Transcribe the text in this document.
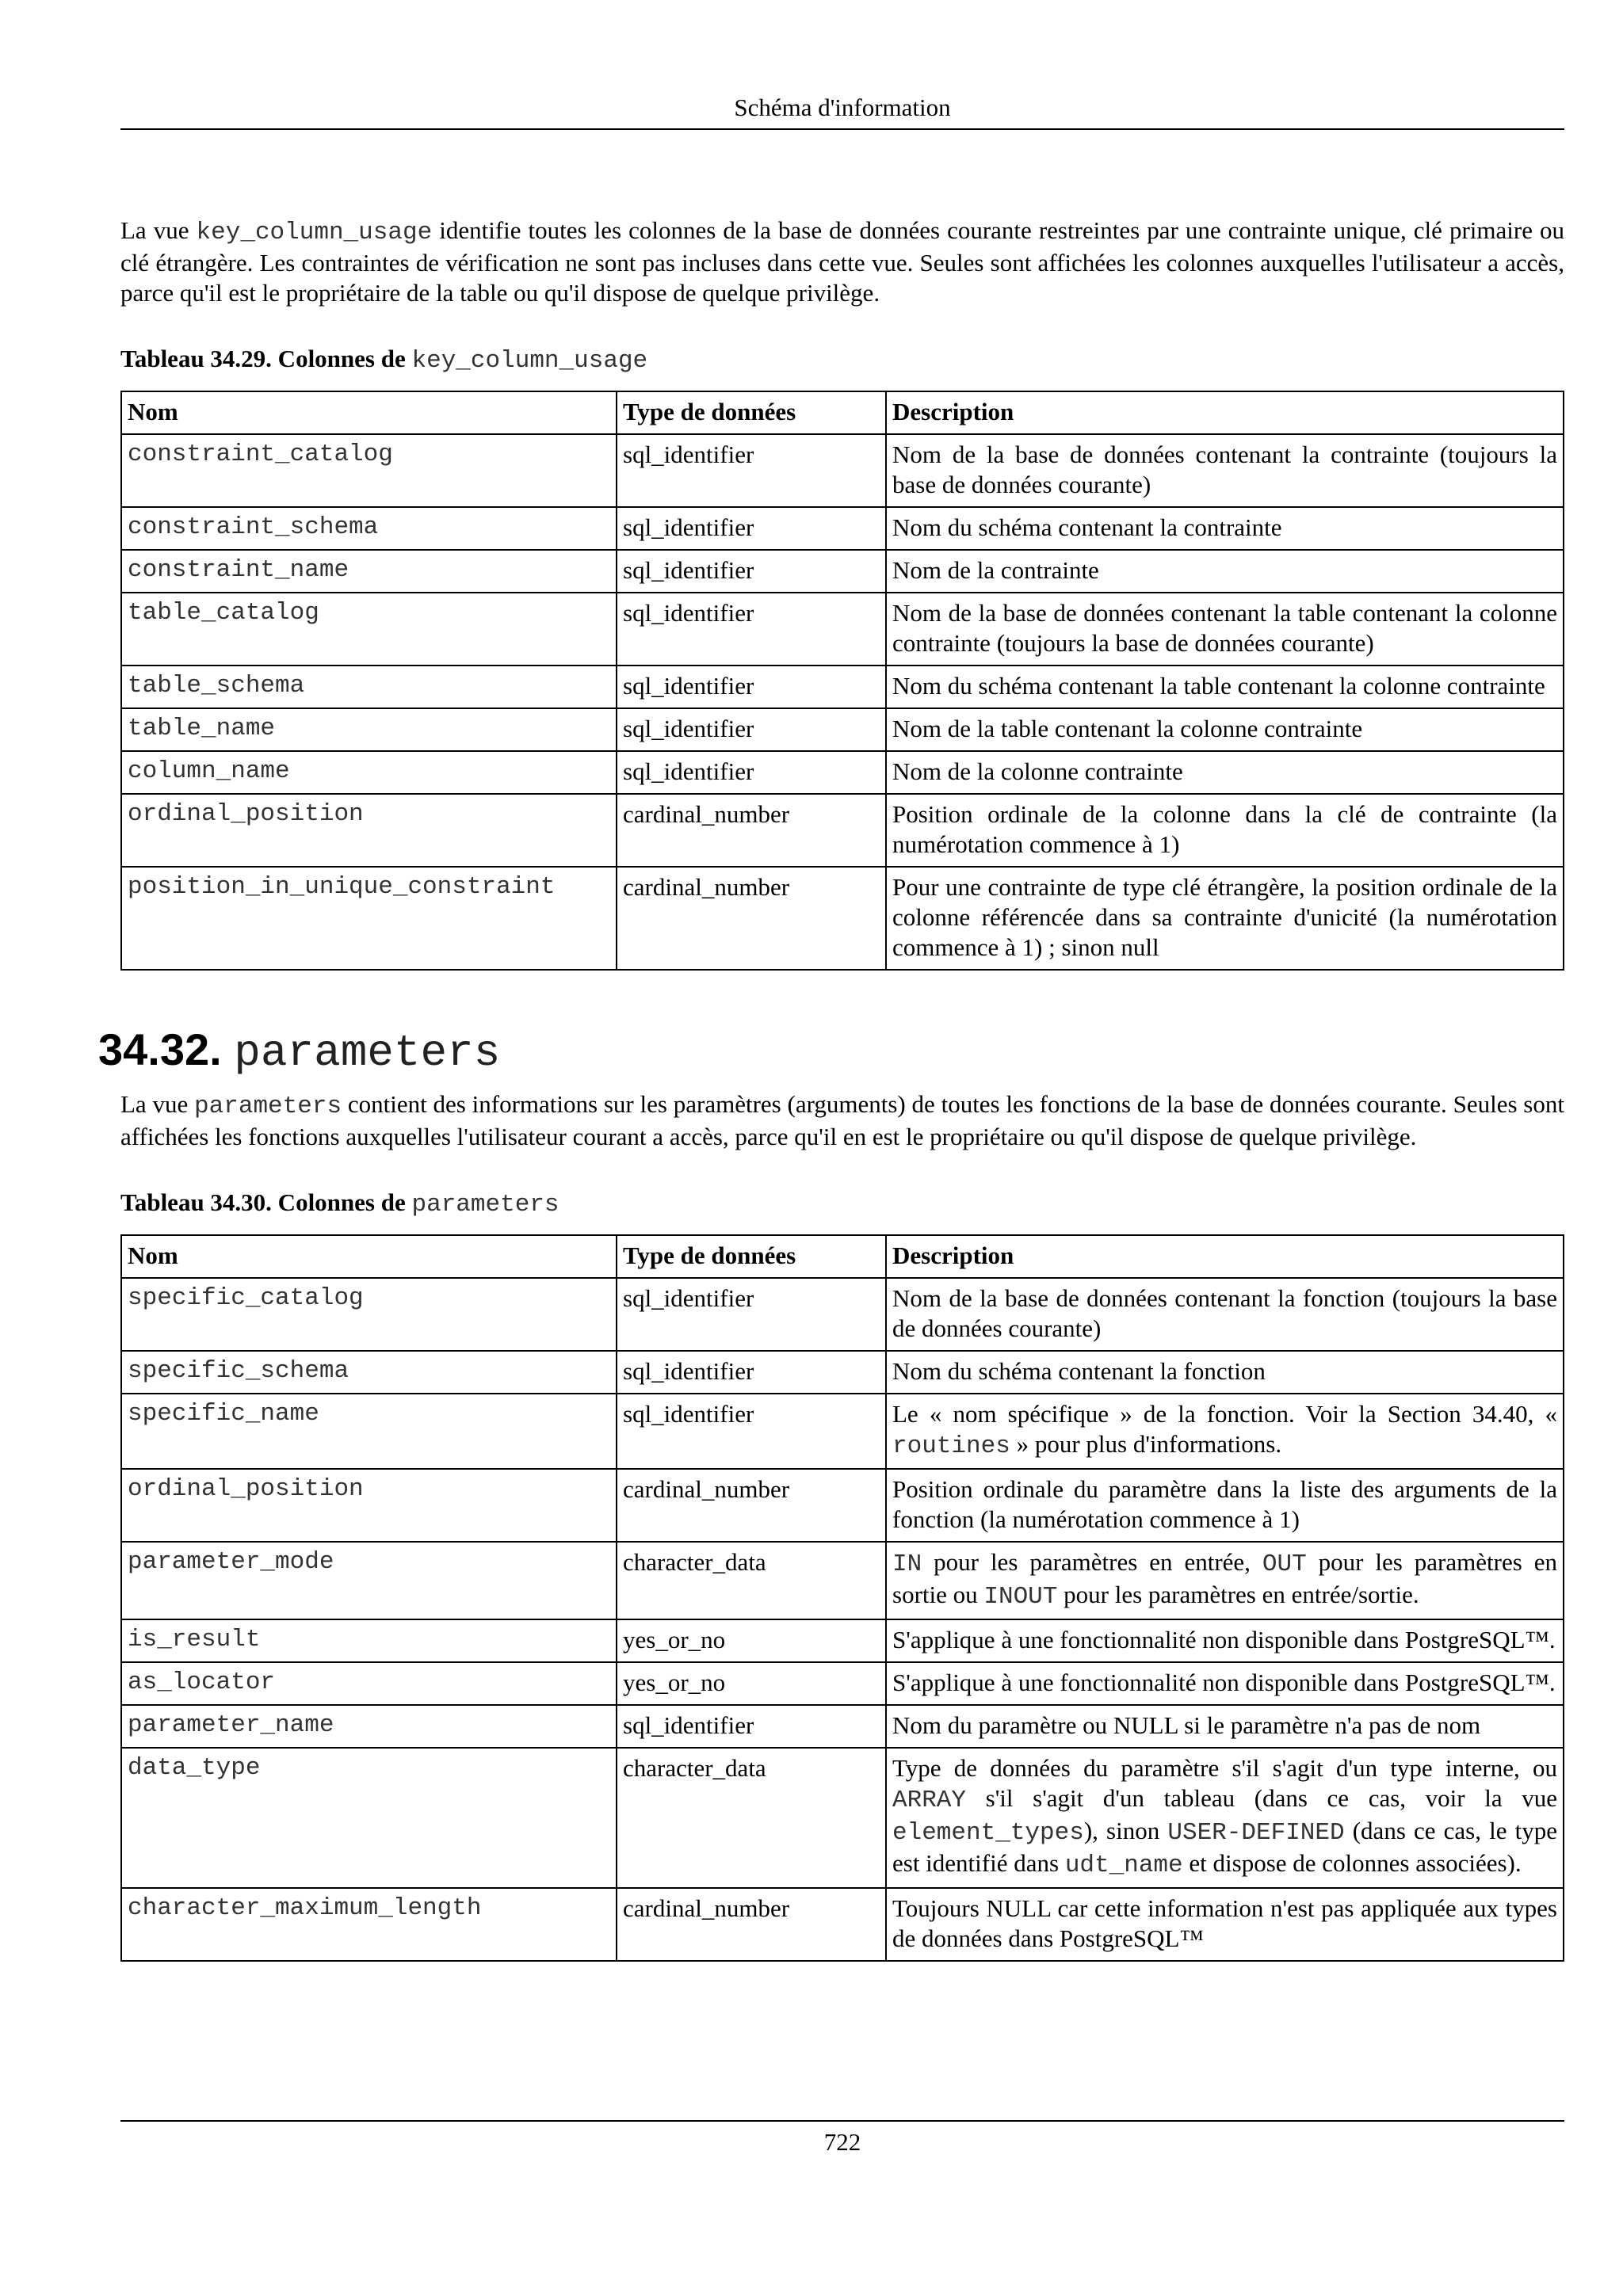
Schéma d'information

La vue key_column_usage identifie toutes les colonnes de la base de données courante restreintes par une contrainte unique, clé primaire ou clé étrangère. Les contraintes de vérification ne sont pas incluses dans cette vue. Seules sont affichées les colonnes auxquelles l'utilisateur a accès, parce qu'il est le propriétaire de la table ou qu'il dispose de quelque privilège.

Tableau 34.29. Colonnes de key_column_usage
Nom	Type de données	Description
constraint_catalog	sql_identifier	Nom de la base de données contenant la contrainte (toujours la base de données courante)
constraint_schema	sql_identifier	Nom du schéma contenant la contrainte
constraint_name	sql_identifier	Nom de la contrainte
table_catalog	sql_identifier	Nom de la base de données contenant la table contenant la colonne contrainte (toujours la base de données courante)
table_schema	sql_identifier	Nom du schéma contenant la table contenant la colonne contrainte
table_name	sql_identifier	Nom de la table contenant la colonne contrainte
column_name	sql_identifier	Nom de la colonne contrainte
ordinal_position	cardinal_number	Position ordinale de la colonne dans la clé de contrainte (la numérotation commence à 1)
position_in_unique_constraint	cardinal_number	Pour une contrainte de type clé étrangère, la position ordinale de la colonne référencée dans sa contrainte d'unicité (la numérotation commence à 1) ; sinon null
34.32. parameters

La vue parameters contient des informations sur les paramètres (arguments) de toutes les fonctions de la base de données courante. Seules sont affichées les fonctions auxquelles l'utilisateur courant a accès, parce qu'il en est le propriétaire ou qu'il dispose de quelque privilège.

Tableau 34.30. Colonnes de parameters
Nom	Type de données	Description
specific_catalog	sql_identifier	Nom de la base de données contenant la fonction (toujours la base de données courante)
specific_schema	sql_identifier	Nom du schéma contenant la fonction
specific_name	sql_identifier	Le « nom spécifique » de la fonction. Voir la Section 34.40, « routines » pour plus d'informations.
ordinal_position	cardinal_number	Position ordinale du paramètre dans la liste des arguments de la fonction (la numérotation commence à 1)
parameter_mode	character_data	IN pour les paramètres en entrée, OUT pour les paramètres en sortie ou INOUT pour les paramètres en entrée/sortie.
is_result	yes_or_no	S'applique à une fonctionnalité non disponible dans PostgreSQL™.
as_locator	yes_or_no	S'applique à une fonctionnalité non disponible dans PostgreSQL™.
parameter_name	sql_identifier	Nom du paramètre ou NULL si le paramètre n'a pas de nom
data_type	character_data	Type de données du paramètre s'il s'agit d'un type interne, ou ARRAY s'il s'agit d'un tableau (dans ce cas, voir la vue element_types), sinon USER-DEFINED (dans ce cas, le type est identifié dans udt_name et dispose de colonnes associées).
character_maximum_length	cardinal_number	Toujours NULL car cette information n'est pas appliquée aux types de données dans PostgreSQL™
722
